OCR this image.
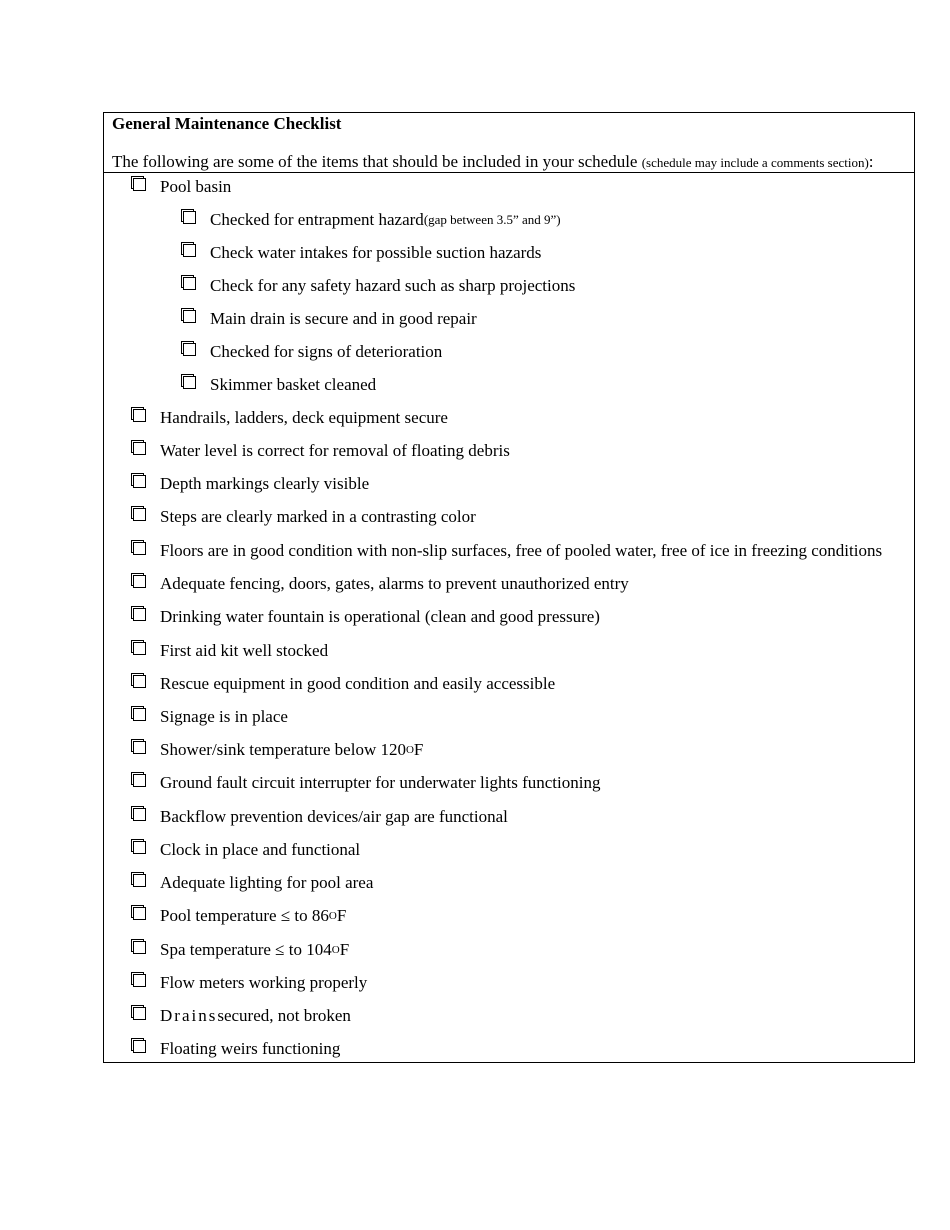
General Maintenance Checklist
The following are some of the items that should be included in your schedule (schedule may include a comments section):
Pool basin
Checked for entrapment hazard (gap between 3.5” and 9”)
Check water intakes for possible suction hazards
Check for any safety hazard such as sharp projections
Main drain is secure and in good repair
Checked for signs of deterioration
Skimmer basket cleaned
Handrails, ladders, deck equipment secure
Water level is correct for removal of floating debris
Depth markings clearly visible
Steps are clearly marked in a contrasting color
Floors are in good condition with non-slip surfaces, free of pooled water, free of ice in freezing conditions
Adequate fencing, doors, gates, alarms to prevent unauthorized entry
Drinking water fountain is operational (clean and good pressure)
First aid kit well stocked
Rescue equipment in good condition and easily accessible
Signage is in place
Shower/sink temperature below 120 O F
Ground fault circuit interrupter for underwater lights functioning
Backflow prevention devices/air gap are functional
Clock in place and functional
Adequate lighting for pool area
Pool temperature ≤ to 86 O F
Spa temperature ≤ to 104 O F
Flow meters working properly
Drains secured, not broken
Floating weirs functioning
